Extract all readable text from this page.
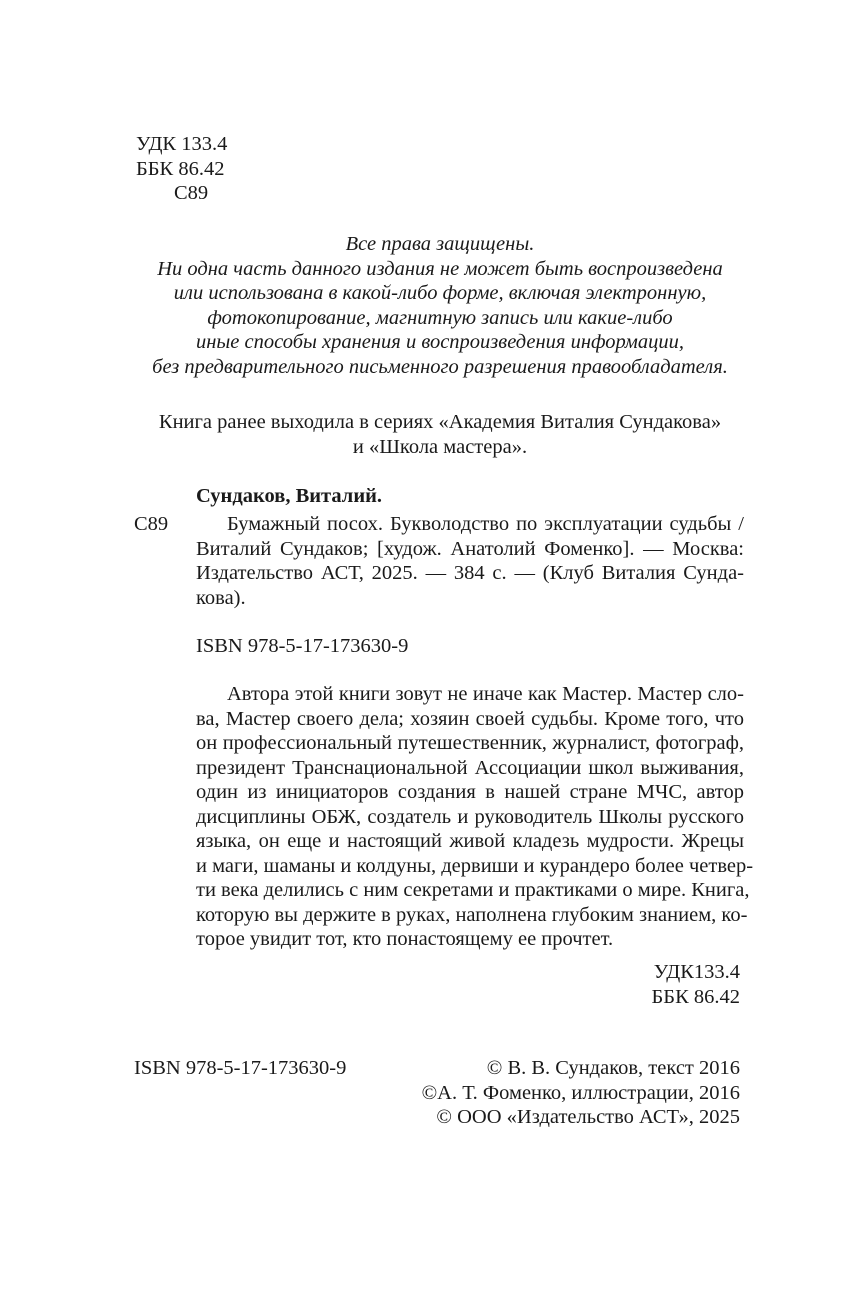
УДК 133.4
ББК 86.42
С89
Все права защищены.
Ни одна часть данного издания не может быть воспроизведена
или использована в какой-либо форме, включая электронную,
фотокопирование, магнитную запись или какие-либо
иные способы хранения и воспроизведения информации,
без предварительного письменного разрешения правообладателя.
Книга ранее выходила в сериях «Академия Виталия Сундакова»
и «Школа мастера».
Сундаков, Виталий.
С89	Бумажный посох. Букволодство по эксплуатации судьбы /
Виталий Сундаков; [худож. Анатолий Фоменко]. — Москва:
Издательство АСТ, 2025. — 384 с. — (Клуб Виталия Сунда-
кова).
ISBN 978-5-17-173630-9
Автора этой книги зовут не иначе как Мастер. Мастер сло-
ва, Мастер своего дела; хозяин своей судьбы. Кроме того, что
он профессиональный путешественник, журналист, фотограф,
президент Транснациональной Ассоциации школ выживания,
один из инициаторов создания в нашей стране МЧС, автор
дисциплины ОБЖ, создатель и руководитель Школы русского
языка, он еще и настоящий живой кладезь мудрости. Жрецы
и маги, шаманы и колдуны, дервиши и курандеро более четвер-
ти века делились с ним секретами и практиками о мире. Книга,
которую вы держите в руках, наполнена глубоким знанием, ко-
торое увидит тот, кто понастоящему ее прочтет.
УДК133.4
ББК 86.42
ISBN 978-5-17-173630-9	© В. В. Сундаков, текст 2016
©А. Т. Фоменко, иллюстрации, 2016
© ООО «Издательство АСТ», 2025
